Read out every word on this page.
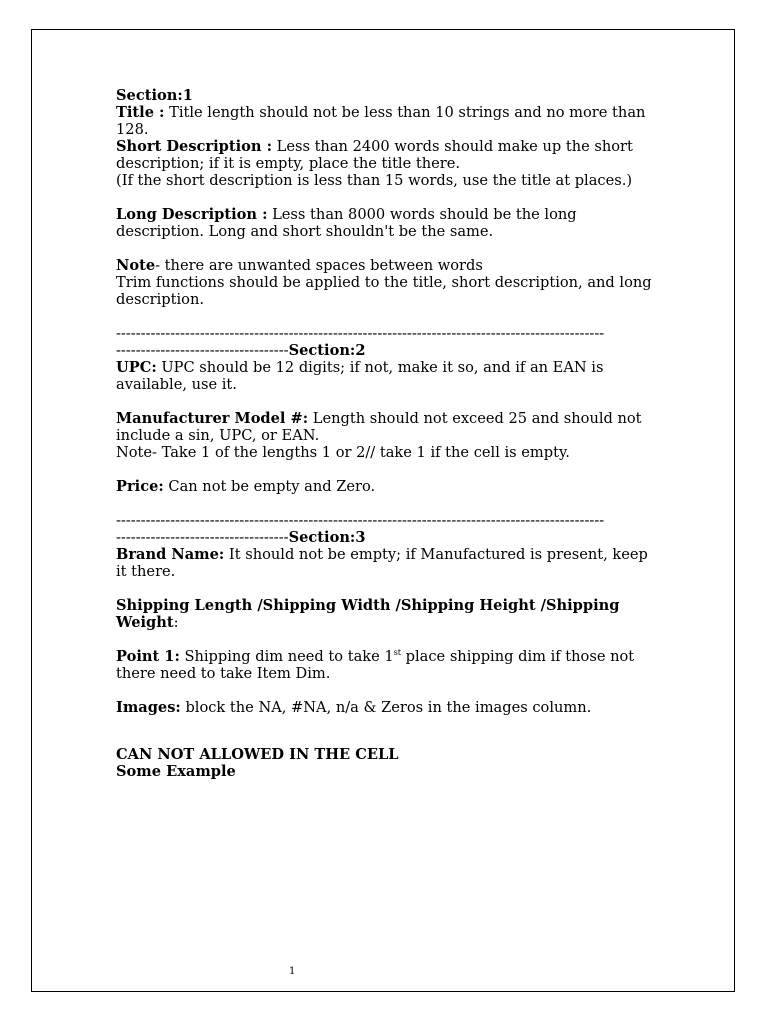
Section:1

Title : Title length should not be less than 10 strings and no more than 128.

Short Description : Less than 2400 words should make up the short description; if it is empty, place the title there.

(If the short description is less than 15 words, use the title at places.)

Long Description : Less than 8000 words should be the long description. Long and short shouldn't be the same.

Note- there are unwanted spaces between words

Trim functions should be applied to the title, short description, and long description.

---------------------------------------------------------------------------------------------------

-----------------------------------Section:2

UPC: UPC should be 12 digits; if not, make it so, and if an EAN is available, use it.

Manufacturer Model #: Length should not exceed 25 and should not include a sin, UPC, or EAN.

Note- Take 1 of the lengths 1 or 2// take 1 if the cell is empty.

Price: Can not be empty and Zero.

---------------------------------------------------------------------------------------------------

-----------------------------------Section:3

Brand Name: It should not be empty; if Manufactured is present, keep it there.

Shipping Length /Shipping Width /Shipping Height /Shipping Weight:

Point 1: Shipping dim need to take 1st place shipping dim if those not there need to take Item Dim.

Images: block the NA, #NA, n/a & Zeros in the images column.

CAN NOT ALLOWED IN THE CELL

Some Example

1
